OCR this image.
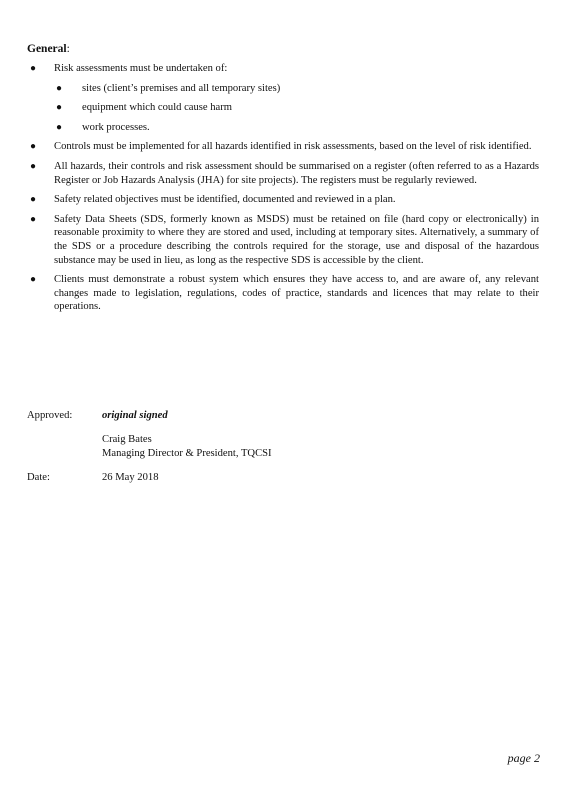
General:
● Risk assessments must be undertaken of:
● sites (client’s premises and all temporary sites)
● equipment which could cause harm
● work processes.
● Controls must be implemented for all hazards identified in risk assessments, based on the level of risk identified.
● All hazards, their controls and risk assessment should be summarised on a register (often referred to as a Hazards Register or Job Hazards Analysis (JHA) for site projects). The registers must be regularly reviewed.
● Safety related objectives must be identified, documented and reviewed in a plan.
● Safety Data Sheets (SDS, formerly known as MSDS) must be retained on file (hard copy or electronically) in reasonable proximity to where they are stored and used, including at temporary sites. Alternatively, a summary of the SDS or a procedure describing the controls required for the storage, use and disposal of the hazardous substance may be used in lieu, as long as the respective SDS is accessible by the client.
● Clients must demonstrate a robust system which ensures they have access to, and are aware of, any relevant changes made to legislation, regulations, codes of practice, standards and licences that may relate to their operations.
Approved:	original signed
Craig Bates
Managing Director & President, TQCSI
Date:	26 May 2018
page 2
